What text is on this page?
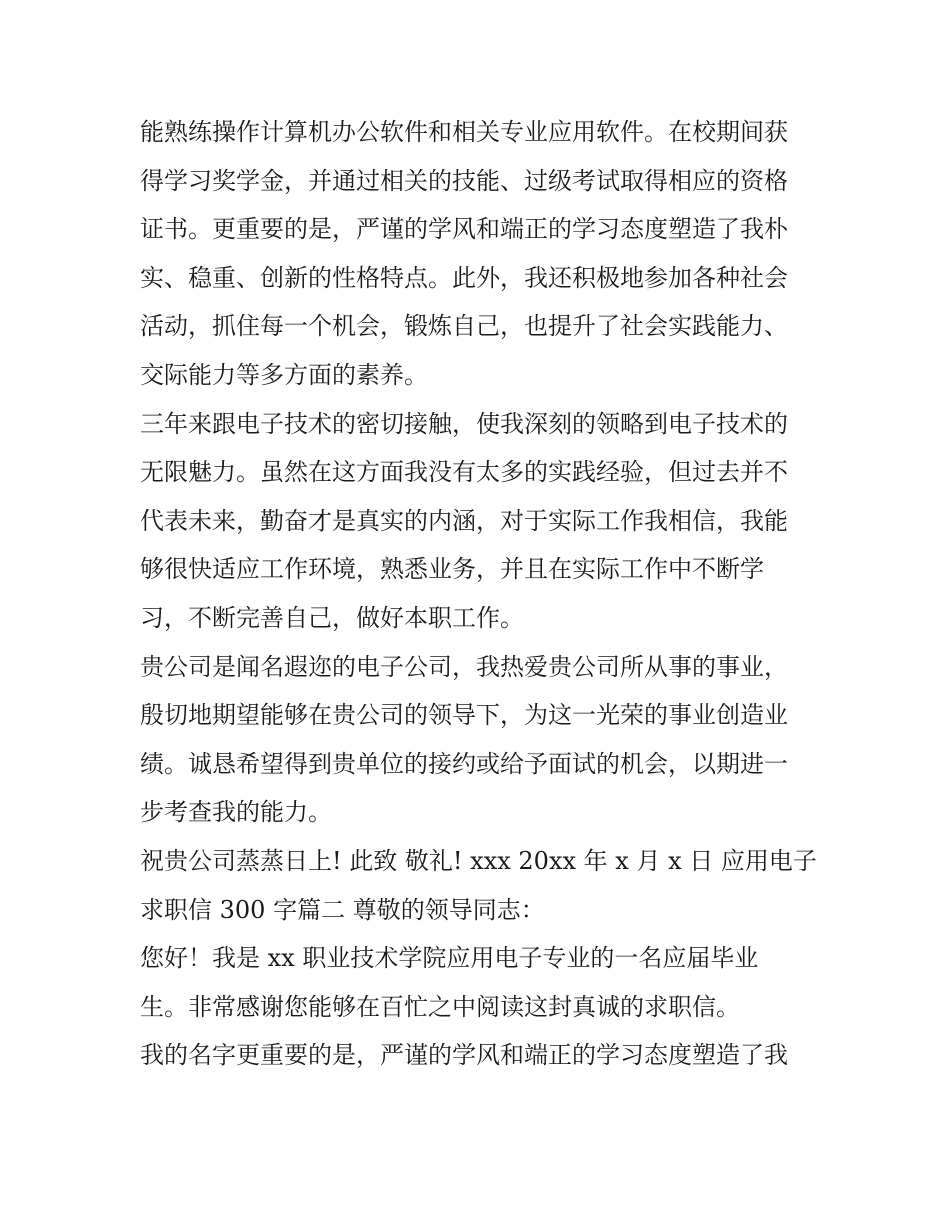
能熟练操作计算机办公软件和相关专业应用软件。在校期间获
得学习奖学金，并通过相关的技能、过级考试取得相应的资格
证书。更重要的是，严谨的学风和端正的学习态度塑造了我朴
实、稳重、创新的性格特点。此外，我还积极地参加各种社会
活动，抓住每一个机会，锻炼自己，也提升了社会实践能力、
交际能力等多方面的素养。
三年来跟电子技术的密切接触，使我深刻的领略到电子技术的
无限魅力。虽然在这方面我没有太多的实践经验，但过去并不
代表未来，勤奋才是真实的内涵，对于实际工作我相信，我能
够很快适应工作环境，熟悉业务，并且在实际工作中不断学
习，不断完善自己，做好本职工作。
贵公司是闻名遐迩的电子公司，我热爱贵公司所从事的事业，
殷切地期望能够在贵公司的领导下，为这一光荣的事业创造业
绩。诚恳希望得到贵单位的接约或给予面试的机会，以期进一
步考查我的能力。
祝贵公司蒸蒸日上! 此致 敬礼! xxx 20xx 年 x 月 x 日 应用电子
求职信 300 字篇二 尊敬的领导同志：
您好！我是 xx 职业技术学院应用电子专业的一名应届毕业
生。非常感谢您能够在百忙之中阅读这封真诚的求职信。
我的名字更重要的是，严谨的学风和端正的学习态度塑造了我
